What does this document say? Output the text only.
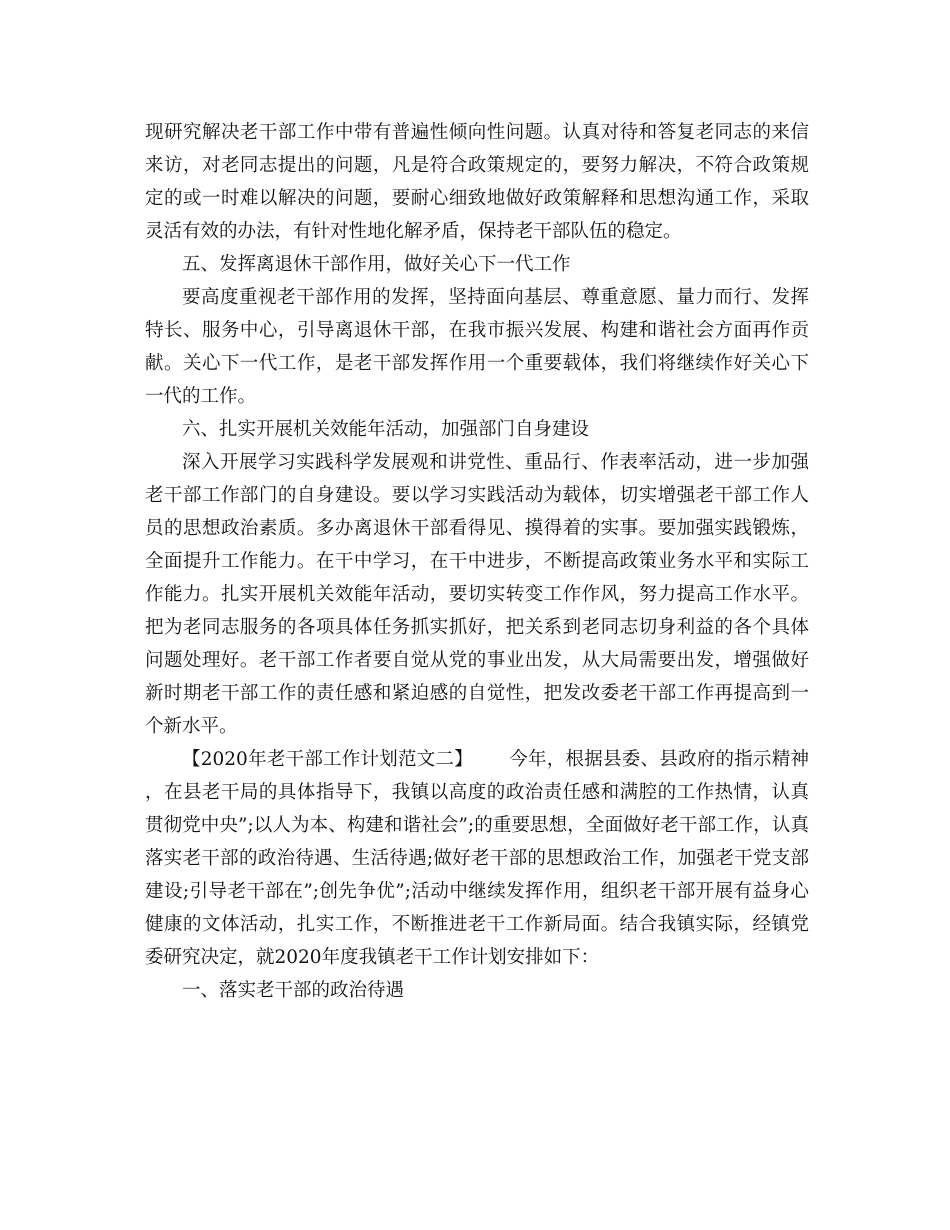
现研究解决老干部工作中带有普遍性倾向性问题。认真对待和答复老同志的来信来访，对老同志提出的问题，凡是符合政策规定的，要努力解决，不符合政策规定的或一时难以解决的问题，要耐心细致地做好政策解释和思想沟通工作，采取灵活有效的办法，有针对性地化解矛盾，保持老干部队伍的稳定。

五、发挥离退休干部作用，做好关心下一代工作

要高度重视老干部作用的发挥，坚持面向基层、尊重意愿、量力而行、发挥特长、服务中心，引导离退休干部，在我市振兴发展、构建和谐社会方面再作贡献。关心下一代工作，是老干部发挥作用一个重要载体，我们将继续作好关心下一代的工作。

六、扎实开展机关效能年活动，加强部门自身建设

深入开展学习实践科学发展观和讲党性、重品行、作表率活动，进一步加强老干部工作部门的自身建设。要以学习实践活动为载体，切实增强老干部工作人员的思想政治素质。多办离退休干部看得见、摸得着的实事。要加强实践锻炼，全面提升工作能力。在干中学习，在干中进步，不断提高政策业务水平和实际工作能力。扎实开展机关效能年活动，要切实转变工作作风，努力提高工作水平。把为老同志服务的各项具体任务抓实抓好，把关系到老同志切身利益的各个具体问题处理好。老干部工作者要自觉从党的事业出发，从大局需要出发，增强做好新时期老干部工作的责任感和紧迫感的自觉性，把发改委老干部工作再提高到一个新水平。

【2020年老干部工作计划范文二】 今年，根据县委、县政府的指示精神，在县老干局的具体指导下，我镇以高度的政治责任感和满腔的工作热情，认真贯彻党中央”;以人为本、构建和谐社会”;的重要思想，全面做好老干部工作，认真落实老干部的政治待遇、生活待遇;做好老干部的思想政治工作，加强老干党支部建设;引导老干部在”;创先争优”;活动中继续发挥作用，组织老干部开展有益身心健康的文体活动，扎实工作，不断推进老干工作新局面。结合我镇实际，经镇党委研究决定，就2020年度我镇老干工作计划安排如下：

一、落实老干部的政治待遇
